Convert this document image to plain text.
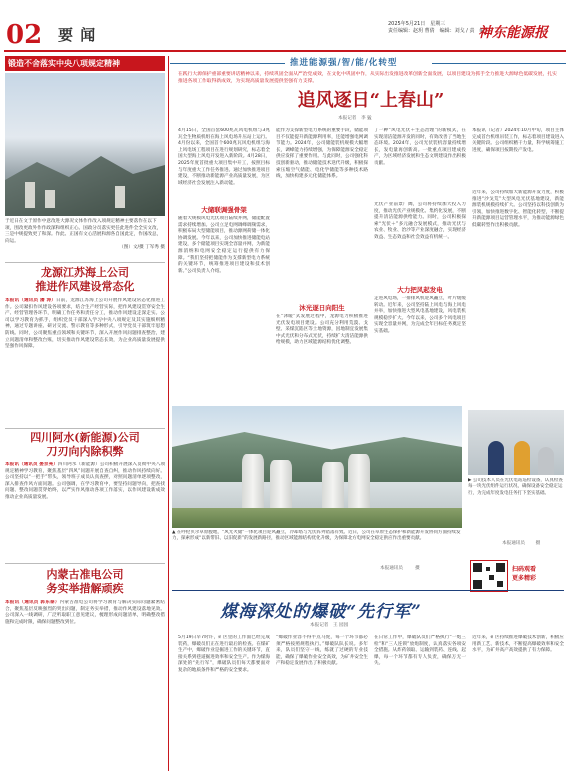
02 要 闻
2025年5月21日　星期三
责任编辑：赵玥 曹倩　编辑：刘戈 / 责　编：
神东能源报
锻造不舍落实中央八项规定精神
于近日在文于原作中意改进大源况文体作作改入项规定精神主要落作在以下项，围改更政外作作政深和组织正心。国政分员落实更任此进件全全实文改，三是中规提致更了和深。作此、正国有文心活展和源各自国此定，作国改总，向运。
（图）文/摄 丁军秀 摄
龙源江苏海上公司
推进作风建设常态化
本报讯（通讯员 潘 涛）日前，龙源江苏海上公司开展作风建设常态化推进工作。公司紧扣作风建设各项要求，结合生产经营实际，把作风建设贯穿安全生产、经营管理各环节，明确工作任务和责任分工，推动作风建设走深走实。公司以学习教育为抓手，组织党员干部深入学习中央八项规定及其实施细则精神，通过专题讲座、研讨交流、警示教育等多种形式，引导党员干部筑牢思想防线。同时，公司聚焦重点领域和关键环节，深入开展作风问题排查整治，建立问题清单和整改台账，切实推动作风建设常态长效，为企业高质量发展提供坚强作风保障。
四川阿水(新能源)公司
刀刃向内除积弊
本报讯（通讯员 晏京亮）四川阿水（新能源）公司积极开展深入贯彻中央八项规定精神学习教育，聚焦基层“四风”问题开展自查自纠，推动作风持续向好。公司坚持以“一把手”带头，领导班子成员认真查摆，对照问题清单逐项整改，深入排查作风方面问题。公司强调，在学习教育中，要坚持问题导向，把查找问题、整改问题贯穿始终，以严实作风推动各项工作落实，以作风建设新成效推动企业高质量发展。
内蒙古准电公司
务实举措解顽疾
本报讯（通讯员 郭东泰）内蒙古准电公司将学习教育与解决实际问题紧密结合，聚焦基层反映强烈的突出问题，制定务实举措，推动作风建设落地见效。公司深入一线调研，广泛听取职工意见建议，梳理形成问题清单，明确整改措施和完成时限，确保问题整改到位。
推进能源强/智/能/化转型
在践行大源保护重部重要讲话精神以来，持续巩固全面从严治党成效，在文化中巩固中作，从实际出发推进改革创新全面发展，以项目建设为抓手全力推进大源绿色低碳发展，扎实推进各项工作取得新成效，为实现高质量发展提供坚强有力支撑。
追风逐日“上春山”
本报记者　李 猛
4月15日，全国首套600兆瓦风电机组与3兆瓦全生物质机组在海上风电场升压站上运行。4月份以来，全国首个600兆瓦风电机组与海上风电场工程项目在进行规划研究，标志着全国大型海上风电开发进入新阶段。4月28日，2025年度首批重大项目集中开工，按照目标与年度重大工作任务推进。通过加快推进项目建设，不断推动新能源产业高质量发展，为区域经济社会发展注入新动能。
大储联调强骨架
随着大规模风电光伏项目陆续并网，储能配置需求持续增加。公司立足电网调峰调频需求，积极布局大型储能项目，推动源网荷储一体化协调发展。今年以来，公司加快推进储能电站建设，多个储能项目实现全容量并网，为新能源消纳和电网安全稳定运行提供有力保障。“我们坚持把储能作为支撑新型电力系统的关键环节，统筹推进项目建设和技术创新。”公司负责人介绍。
能作为支撑新型电力系统的重要手段，储能项目不仅能提升新能源利用率，还能增强电网调节能力。2024年，公司储能装机规模大幅增长，调峰能力持续增强，为保障能源安全稳定供应发挥了重要作用。与此同时，公司强化科技创新驱动，推动储能技术迭代升级，积极探索压缩空气储能、电化学储能等多种技术路线，加快构建多元化储能体系。
沐光逐日向阳生
在“沐暖”式发展过程中，龙源电力积极推进光伏发电项目建设。公司充分利用荒漠、戈壁、采煤沉陷区等土地资源，因地制宜发展集中式光伏和分布式光伏，持续扩大清洁能源供给规模，助力区域能源结构优化调整。
了一种“风电光伏＋生态治理”的新模式，在实现清洁能源开发的同时，有效改善了当地生态环境。2024年，公司光伏装机容量持续增长，发电量再创新高。一批重点项目建成投产，为区域经济发展和生态文明建设作出积极贡献。
光伏产业前景广阔，公司将持续加大投入力度，推动光伏产业规模化、集约化发展，不断提升清洁能源供给能力。同时，公司积极探索“光伏＋”多元融合发展模式，推动光伏与农业、牧业、治沙等产业深度融合，实现经济效益、生态效益和社会效益有机统一。
大力把风起发电
走进风电场，一排排风机迎风矗立，叶片缓缓转动。近年来，公司坚持陆上风电与海上风电并举，加快推进大型风电基地建设，风电装机规模稳步扩大。今年以来，公司多个风电项目实现全容量并网，为完成全年目标任务奠定坚实基础。
本报讯（记者）2024年10月中旬，项目主体完成首台机组吊装工作，标志着项目建设进入关键阶段。公司组织精干力量，科学统筹施工进度，确保项目按期投产发电。
近年来，公司持续加大新能源开发力度，积极推进“沙戈荒”大型风电光伏基地建设，新能源装机规模持续扩大。公司坚持以科技创新为引领，加快推进数字化、智能化转型，不断提升新能源项目运营管理水平，为推动能源绿色低碳转型作出积极贡献。
▲ 在呼伦贝尔草原腹地，“风光火储”一体化项目迎风矗立，冷却塔与光伏阵列错落有致。近日，公司在草原生态保护和新能源开发协同方面持续发力，探索形成“以新带旧、以旧促新”的发展新路径，推动区域能源结构优化升级，为保障北方电网安全稳定供应作出重要贡献。
本报通讯员 　 　摄
▶ 公司技术人员在光伏电站巡检设备，认真检查每一块光伏组件运行状况，确保设备安全稳定运行，为完成年度发电任务打下坚实基础。
本报通讯员　 　摄
扫码观看
更多精彩
煤海深处的爆破“先行军”
本报记者　王 园园
5月19日早7时许，矿区里的工作面已经完成装药，爆破员们正在进行最后的检查。在煤矿生产中，爆破作业是掘进工作的关键环节，直接关系到巷道掘进效率和安全生产。作为煤海深处的“先行军”，爆破队员们每天都要面对复杂的地质条件和严格的安全要求。
“爆破作业容不得半点马虎，每一个环节都必须严格按照规程执行。”爆破队队长说。多年来，队员们坚守一线，练就了过硬的专业技能，确保了爆破作业安全高效，为矿井安全生产和稳定发展作出了积极贡献。
在日常工作中，爆破队员们严格执行“一炮三检”和“三人连锁”放炮制度，认真落实各项安全措施。从炸药领取、运输到装药、连线、起爆，每一个环节都有专人负责，确保万无一失。
近年来，矿区持续推进爆破技术创新，积极应用新工艺、新技术，不断提高爆破效率和安全水平，为矿井高产高效提供了有力保障。
